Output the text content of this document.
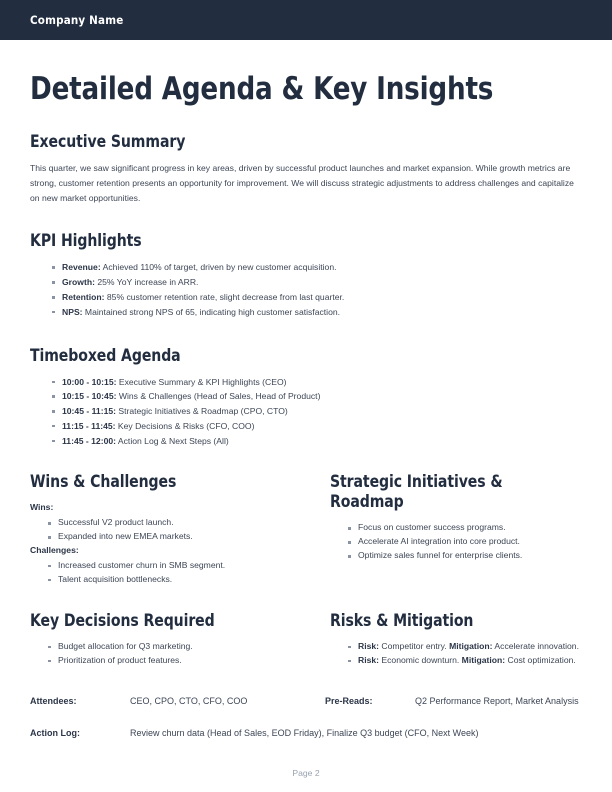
Company Name
Detailed Agenda & Key Insights
Executive Summary

This quarter, we saw significant progress in key areas, driven by successful product launches and market expansion. While growth metrics are strong, customer retention presents an opportunity for improvement. We will discuss strategic adjustments to address challenges and capitalize on new market opportunities.

KPI Highlights
Revenue: Achieved 110% of target, driven by new customer acquisition.
Growth: 25% YoY increase in ARR.
Retention: 85% customer retention rate, slight decrease from last quarter.
NPS: Maintained strong NPS of 65, indicating high customer satisfaction.
Timeboxed Agenda
10:00 - 10:15: Executive Summary & KPI Highlights (CEO)
10:15 - 10:45: Wins & Challenges (Head of Sales, Head of Product)
10:45 - 11:15: Strategic Initiatives & Roadmap (CPO, CTO)
11:15 - 11:45: Key Decisions & Risks (CFO, COO)
11:45 - 12:00: Action Log & Next Steps (All)
Wins & Challenges
Wins:
Successful V2 product launch.
Expanded into new EMEA markets.
Challenges:
Increased customer churn in SMB segment.
Talent acquisition bottlenecks.
Strategic Initiatives & Roadmap
Focus on customer success programs.
Accelerate AI integration into core product.
Optimize sales funnel for enterprise clients.
Key Decisions Required
Budget allocation for Q3 marketing.
Prioritization of product features.
Risks & Mitigation
Risk: Competitor entry. Mitigation: Accelerate innovation.
Risk: Economic downturn. Mitigation: Cost optimization.
Attendees:	CEO, CPO, CTO, CFO, COO	Pre-Reads:	Q2 Performance Report, Market Analysis
Action Log:	Review churn data (Head of Sales, EOD Friday), Finalize Q3 budget (CFO, Next Week)
Page 2
